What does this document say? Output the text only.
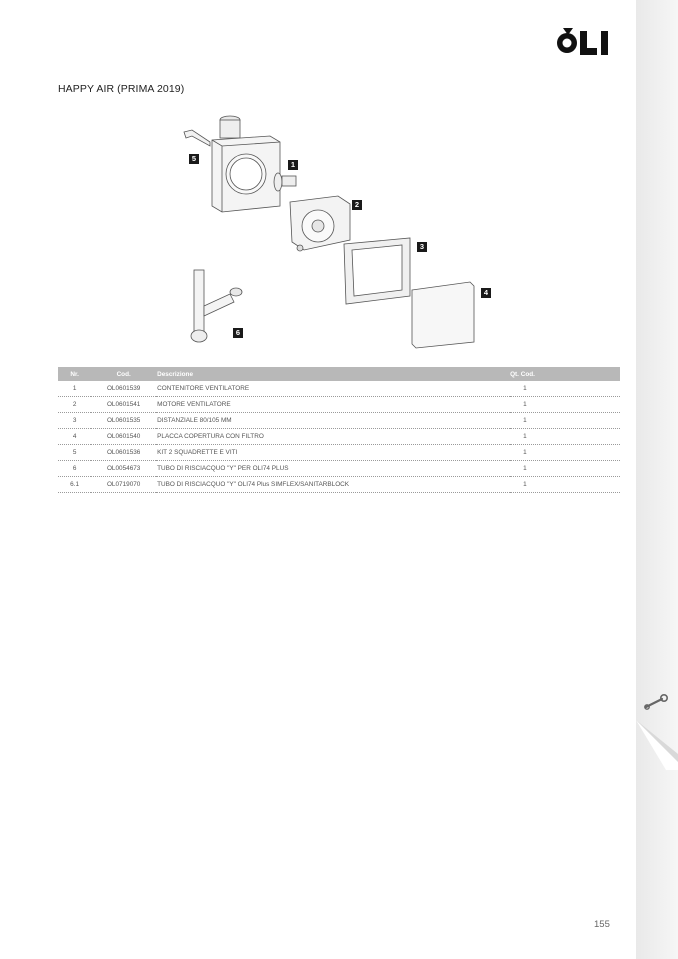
HAPPY AIR (PRIMA 2019)
5
1
2
3
4
6
Nr.	Cod.	Descrizione	Qt. Cod.
1	OL0601539	CONTENITORE VENTILATORE	1
2	OL0601541	MOTORE VENTILATORE	1
3	OL0601535	DISTANZIALE 80/105 MM	1
4	OL0601540	PLACCA COPERTURA CON FILTRO	1
5	OL0601536	KIT 2 SQUADRETTE E VITI	1
6	OL0054673	TUBO DI RISCIACQUO "Y" PER OLI74 PLUS	1
6.1	OL0719070	TUBO DI RISCIACQUO "Y" OLI74 Plus SIMFLEX/SANITARBLOCK	1
155
